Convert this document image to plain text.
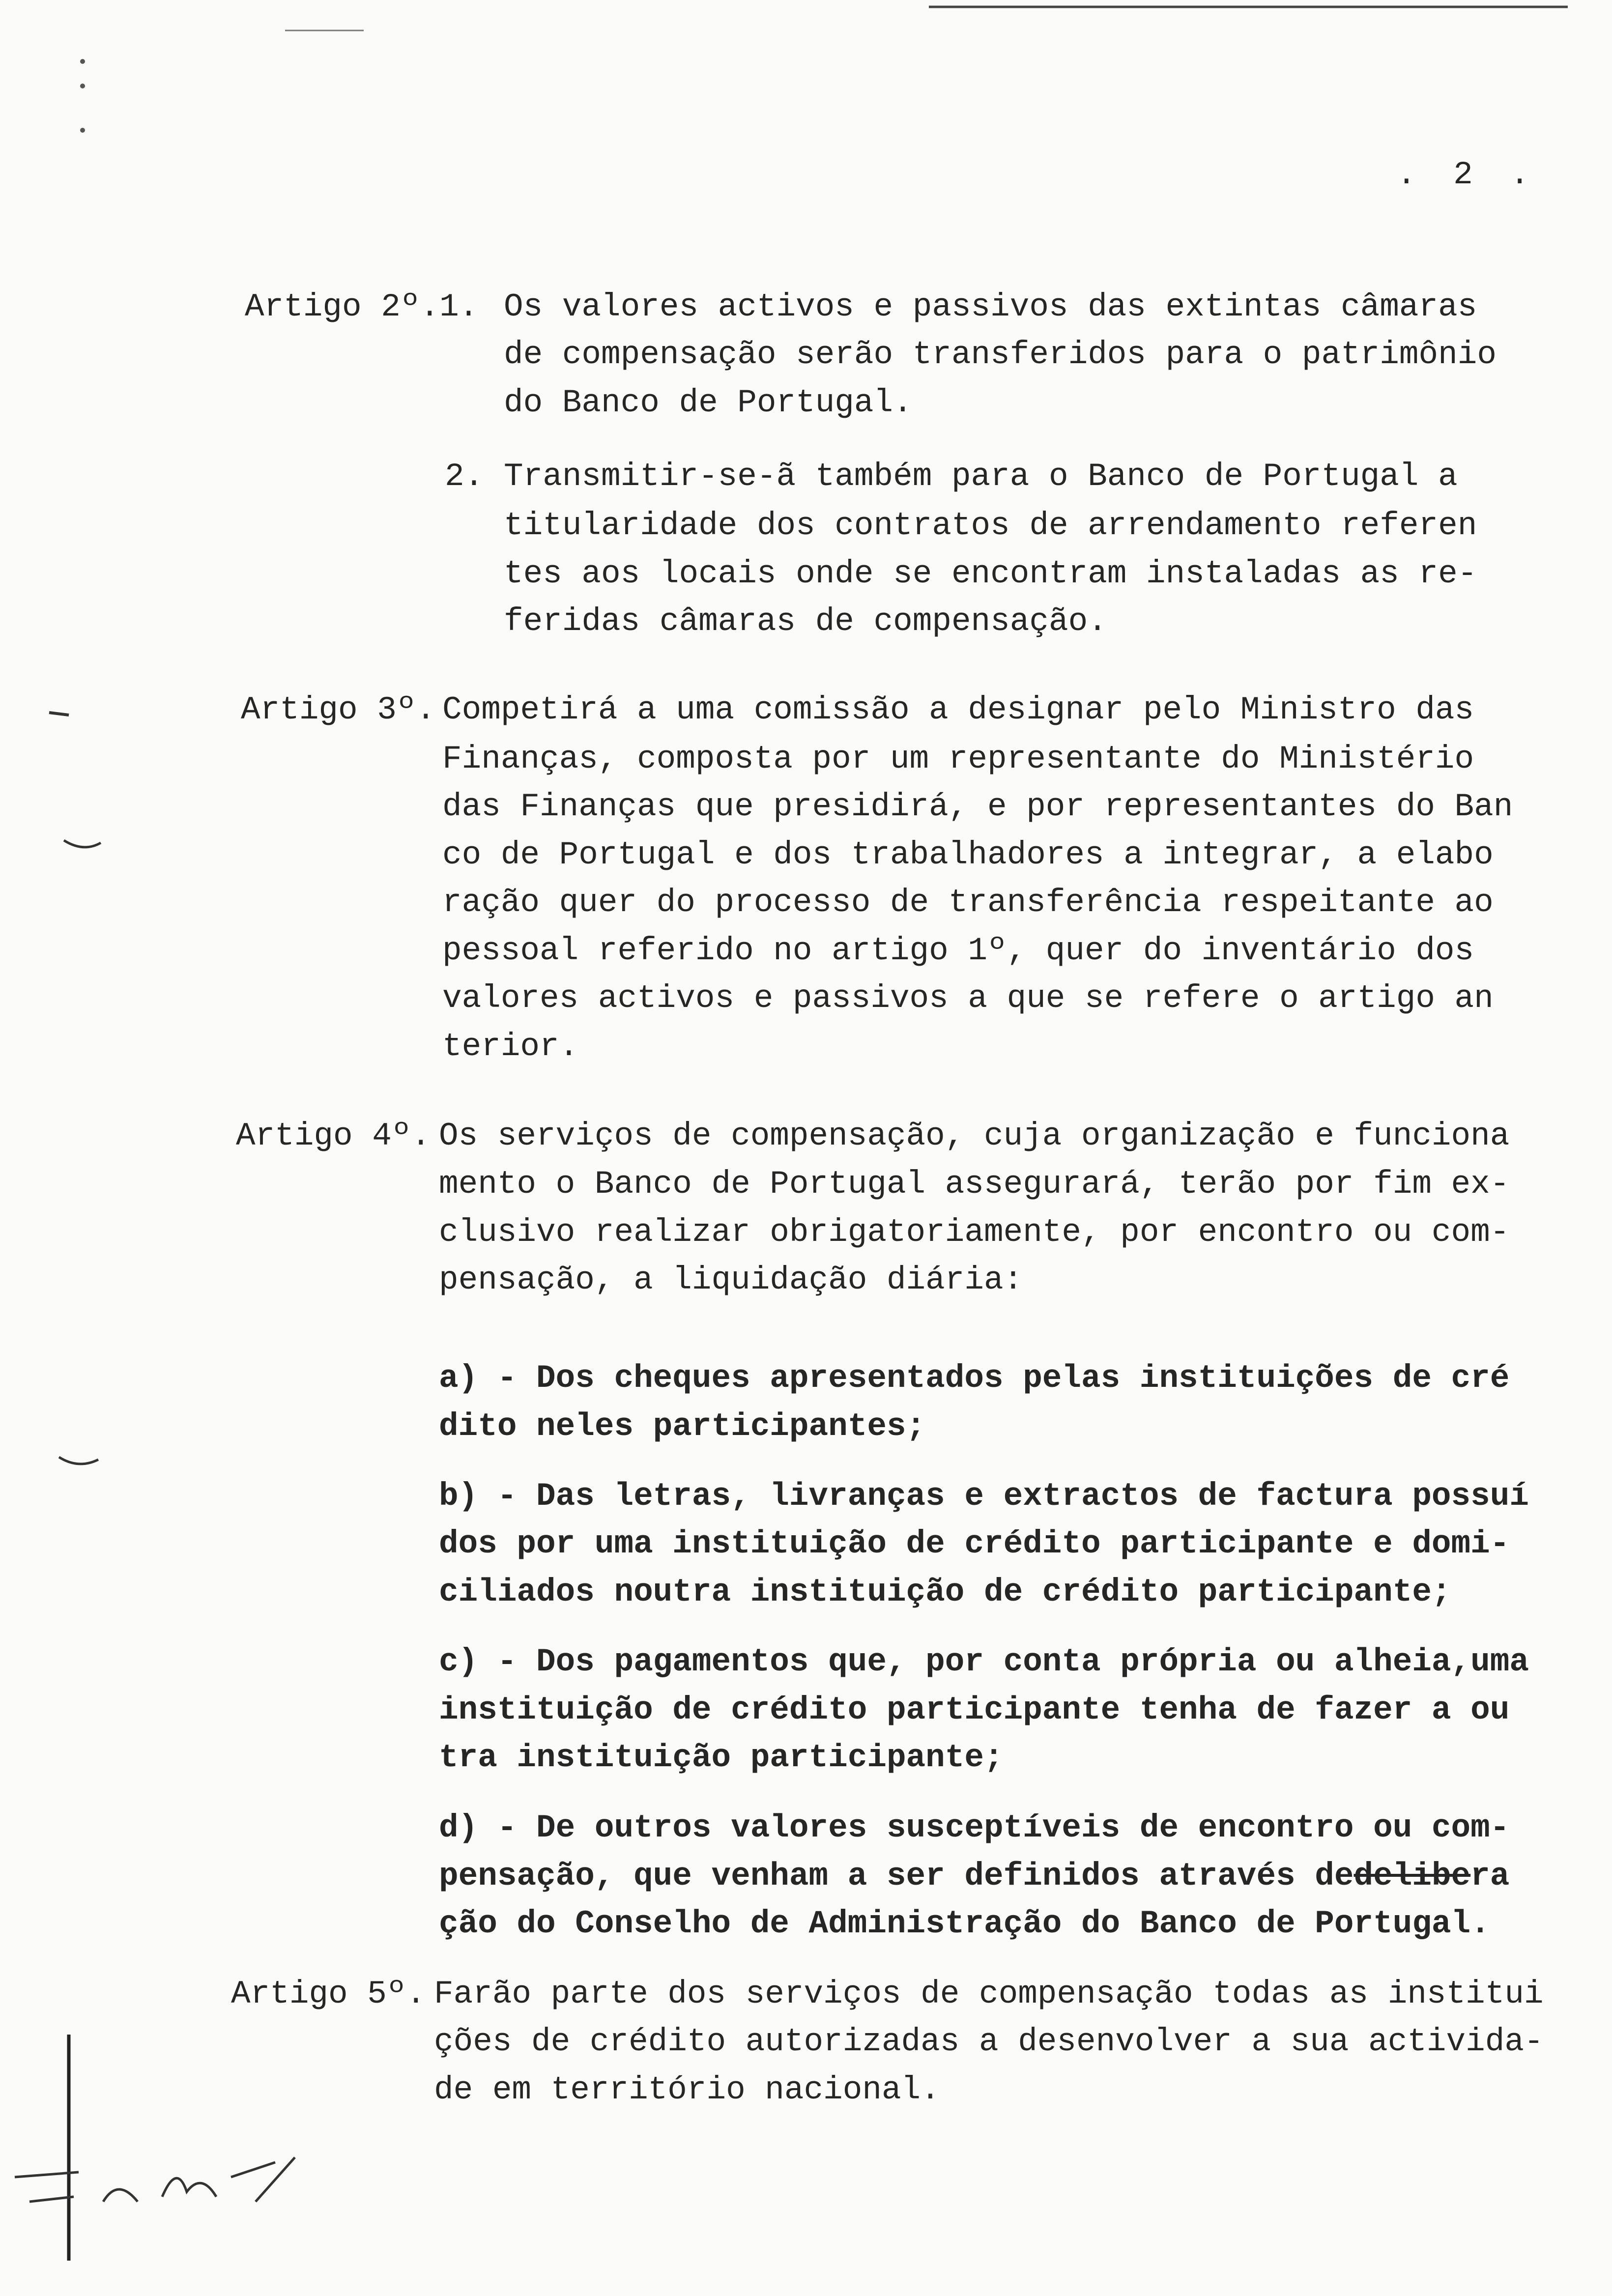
. 2 .
Artigo 2º.1. Os valores activos e passivos das extintas câmaras
de compensação serão transferidos para o patrimônio
do Banco de Portugal.
2. Transmitir-se-ã também para o Banco de Portugal a
titularidade dos contratos de arrendamento referen
tes aos locais onde se encontram instaladas as re-
feridas câmaras de compensação.
Artigo 3º. Competirá a uma comissão a designar pelo Ministro das
Finanças, composta por um representante do Ministério
das Finanças que presidirá, e por representantes do Ban
co de Portugal e dos trabalhadores a integrar, a elabo
ração quer do processo de transferência respeitante ao
pessoal referido no artigo 1º, quer do inventário dos
valores activos e passivos a que se refere o artigo an
terior.
Artigo 4º. Os serviços de compensação, cuja organização e funciona
mento o Banco de Portugal assegurará, terão por fim ex-
clusivo realizar obrigatoriamente, por encontro ou com-
pensação, a liquidação diária:
a) - Dos cheques apresentados pelas instituições de cré
dito neles participantes;
b) - Das letras, livranças e extractos de factura possuí
dos por uma instituição de crédito participante e domi-
ciliados noutra instituição de crédito participante;
c) - Dos pagamentos que, por conta própria ou alheia,uma
instituição de crédito participante tenha de fazer a ou
tra instituição participante;
d) - De outros valores susceptíveis de encontro ou com-
pensação, que venham a ser definidos através dedelibera
ção do Conselho de Administração do Banco de Portugal.
Artigo 5º. Farão parte dos serviços de compensação todas as institui
ções de crédito autorizadas a desenvolver a sua activida-
de em território nacional.
